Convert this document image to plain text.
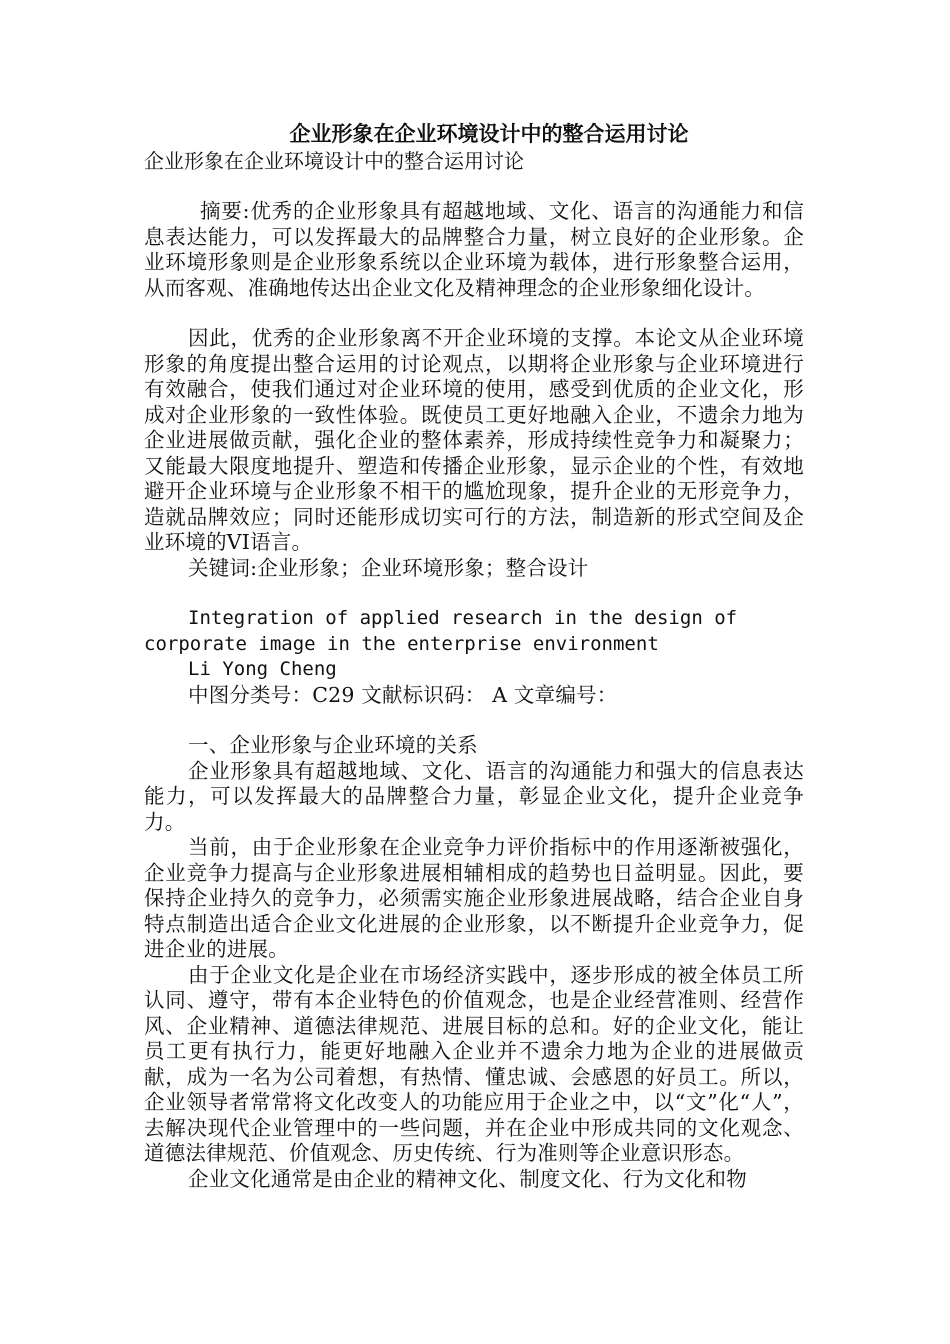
企业形象在企业环境设计中的整合运用讨论

企业形象在企业环境设计中的整合运用讨论

摘要:优秀的企业形象具有超越地域、文化、语言的沟通能力和信息表达能力，可以发挥最大的品牌整合力量，树立良好的企业形象。企业环境形象则是企业形象系统以企业环境为载体，进行形象整合运用，从而客观、准确地传达出企业文化及精神理念的企业形象细化设计。

因此，优秀的企业形象离不开企业环境的支撑。本论文从企业环境形象的角度提出整合运用的讨论观点，以期将企业形象与企业环境进行有效融合，使我们通过对企业环境的使用，感受到优质的企业文化，形成对企业形象的一致性体验。既使员工更好地融入企业，不遗余力地为企业进展做贡献，强化企业的整体素养，形成持续性竞争力和凝聚力；又能最大限度地提升、塑造和传播企业形象，显示企业的个性，有效地避开企业环境与企业形象不相干的尴尬现象，提升企业的无形竞争力，造就品牌效应；同时还能形成切实可行的方法，制造新的形式空间及企业环境的VI语言。

关键词:企业形象；企业环境形象；整合设计

Integration of applied research in the design of

corporate image in the enterprise environment

Li Yong Cheng

中图分类号：C29 文献标识码： A 文章编号：

一、企业形象与企业环境的关系

企业形象具有超越地域、文化、语言的沟通能力和强大的信息表达能力，可以发挥最大的品牌整合力量，彰显企业文化，提升企业竞争力。

当前，由于企业形象在企业竞争力评价指标中的作用逐渐被强化，企业竞争力提高与企业形象进展相辅相成的趋势也日益明显。因此，要保持企业持久的竞争力，必须需实施企业形象进展战略，结合企业自身特点制造出适合企业文化进展的企业形象，以不断提升企业竞争力，促进企业的进展。

由于企业文化是企业在市场经济实践中，逐步形成的被全体员工所认同、遵守，带有本企业特色的价值观念，也是企业经营准则、经营作风、企业精神、道德法律规范、进展目标的总和。好的企业文化，能让员工更有执行力，能更好地融入企业并不遗余力地为企业的进展做贡献，成为一名为公司着想，有热情、懂忠诚、会感恩的好员工。所以，企业领导者常常将文化改变人的功能应用于企业之中，以“文”化“人”，去解决现代企业管理中的一些问题，并在企业中形成共同的文化观念、道德法律规范、价值观念、历史传统、行为准则等企业意识形态。

企业文化通常是由企业的精神文化、制度文化、行为文化和物
